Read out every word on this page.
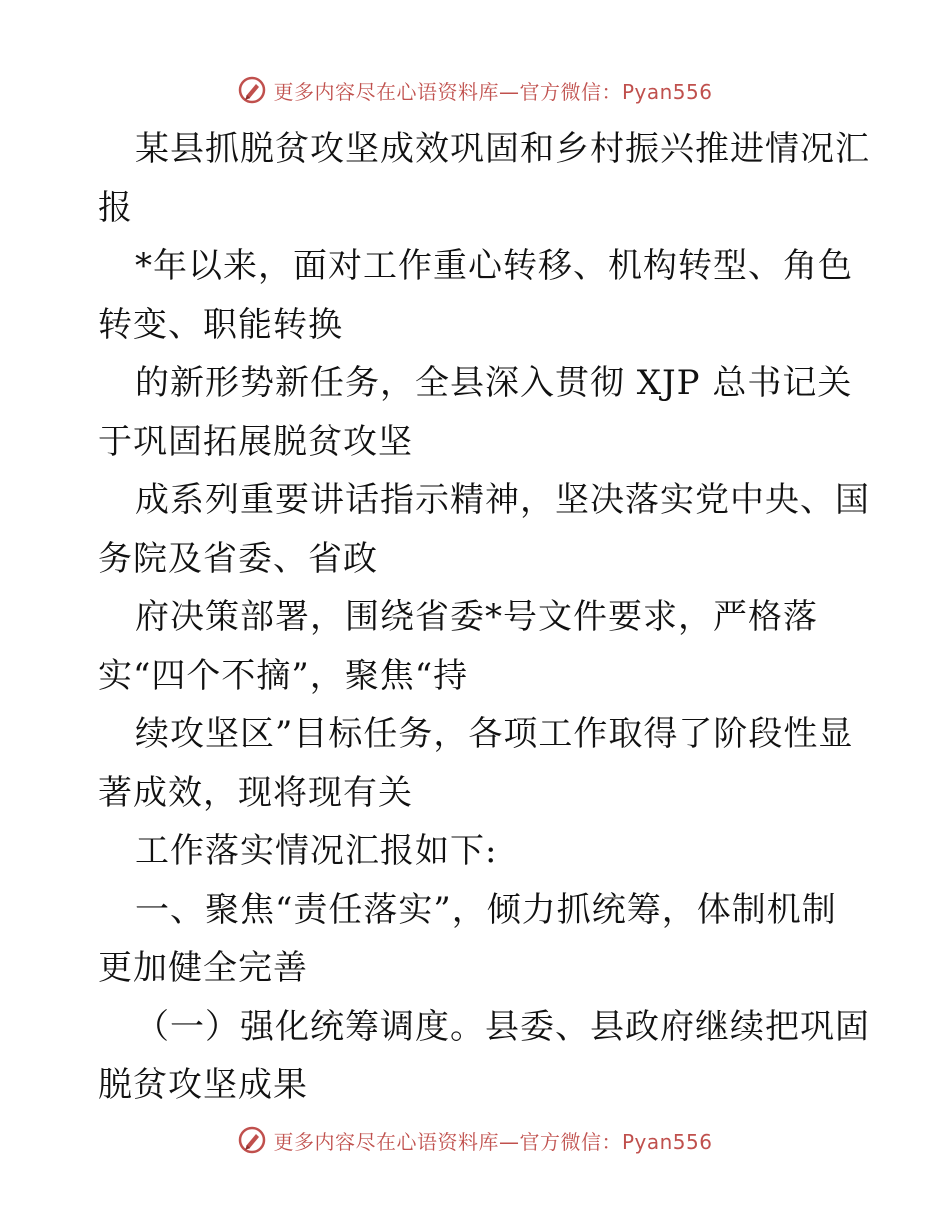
更多内容尽在心语资料库—官方微信：Pyan556
某县抓脱贫攻坚成效巩固和乡村振兴推进情况汇
报
*年以来，面对工作重心转移、机构转型、角色
转变、职能转换
的新形势新任务，全县深入贯彻 XJP 总书记关
于巩固拓展脱贫攻坚
成系列重要讲话指示精神，坚决落实党中央、国
务院及省委、省政
府决策部署，围绕省委*号文件要求，严格落
实“四个不摘”，聚焦“持
续攻坚区”目标任务，各项工作取得了阶段性显
著成效，现将现有关
工作落实情况汇报如下:
一、聚焦“责任落实”，倾力抓统筹，体制机制
更加健全完善
（一）强化统筹调度。县委、县政府继续把巩固
脱贫攻坚成果
更多内容尽在心语资料库—官方微信：Pyan556
